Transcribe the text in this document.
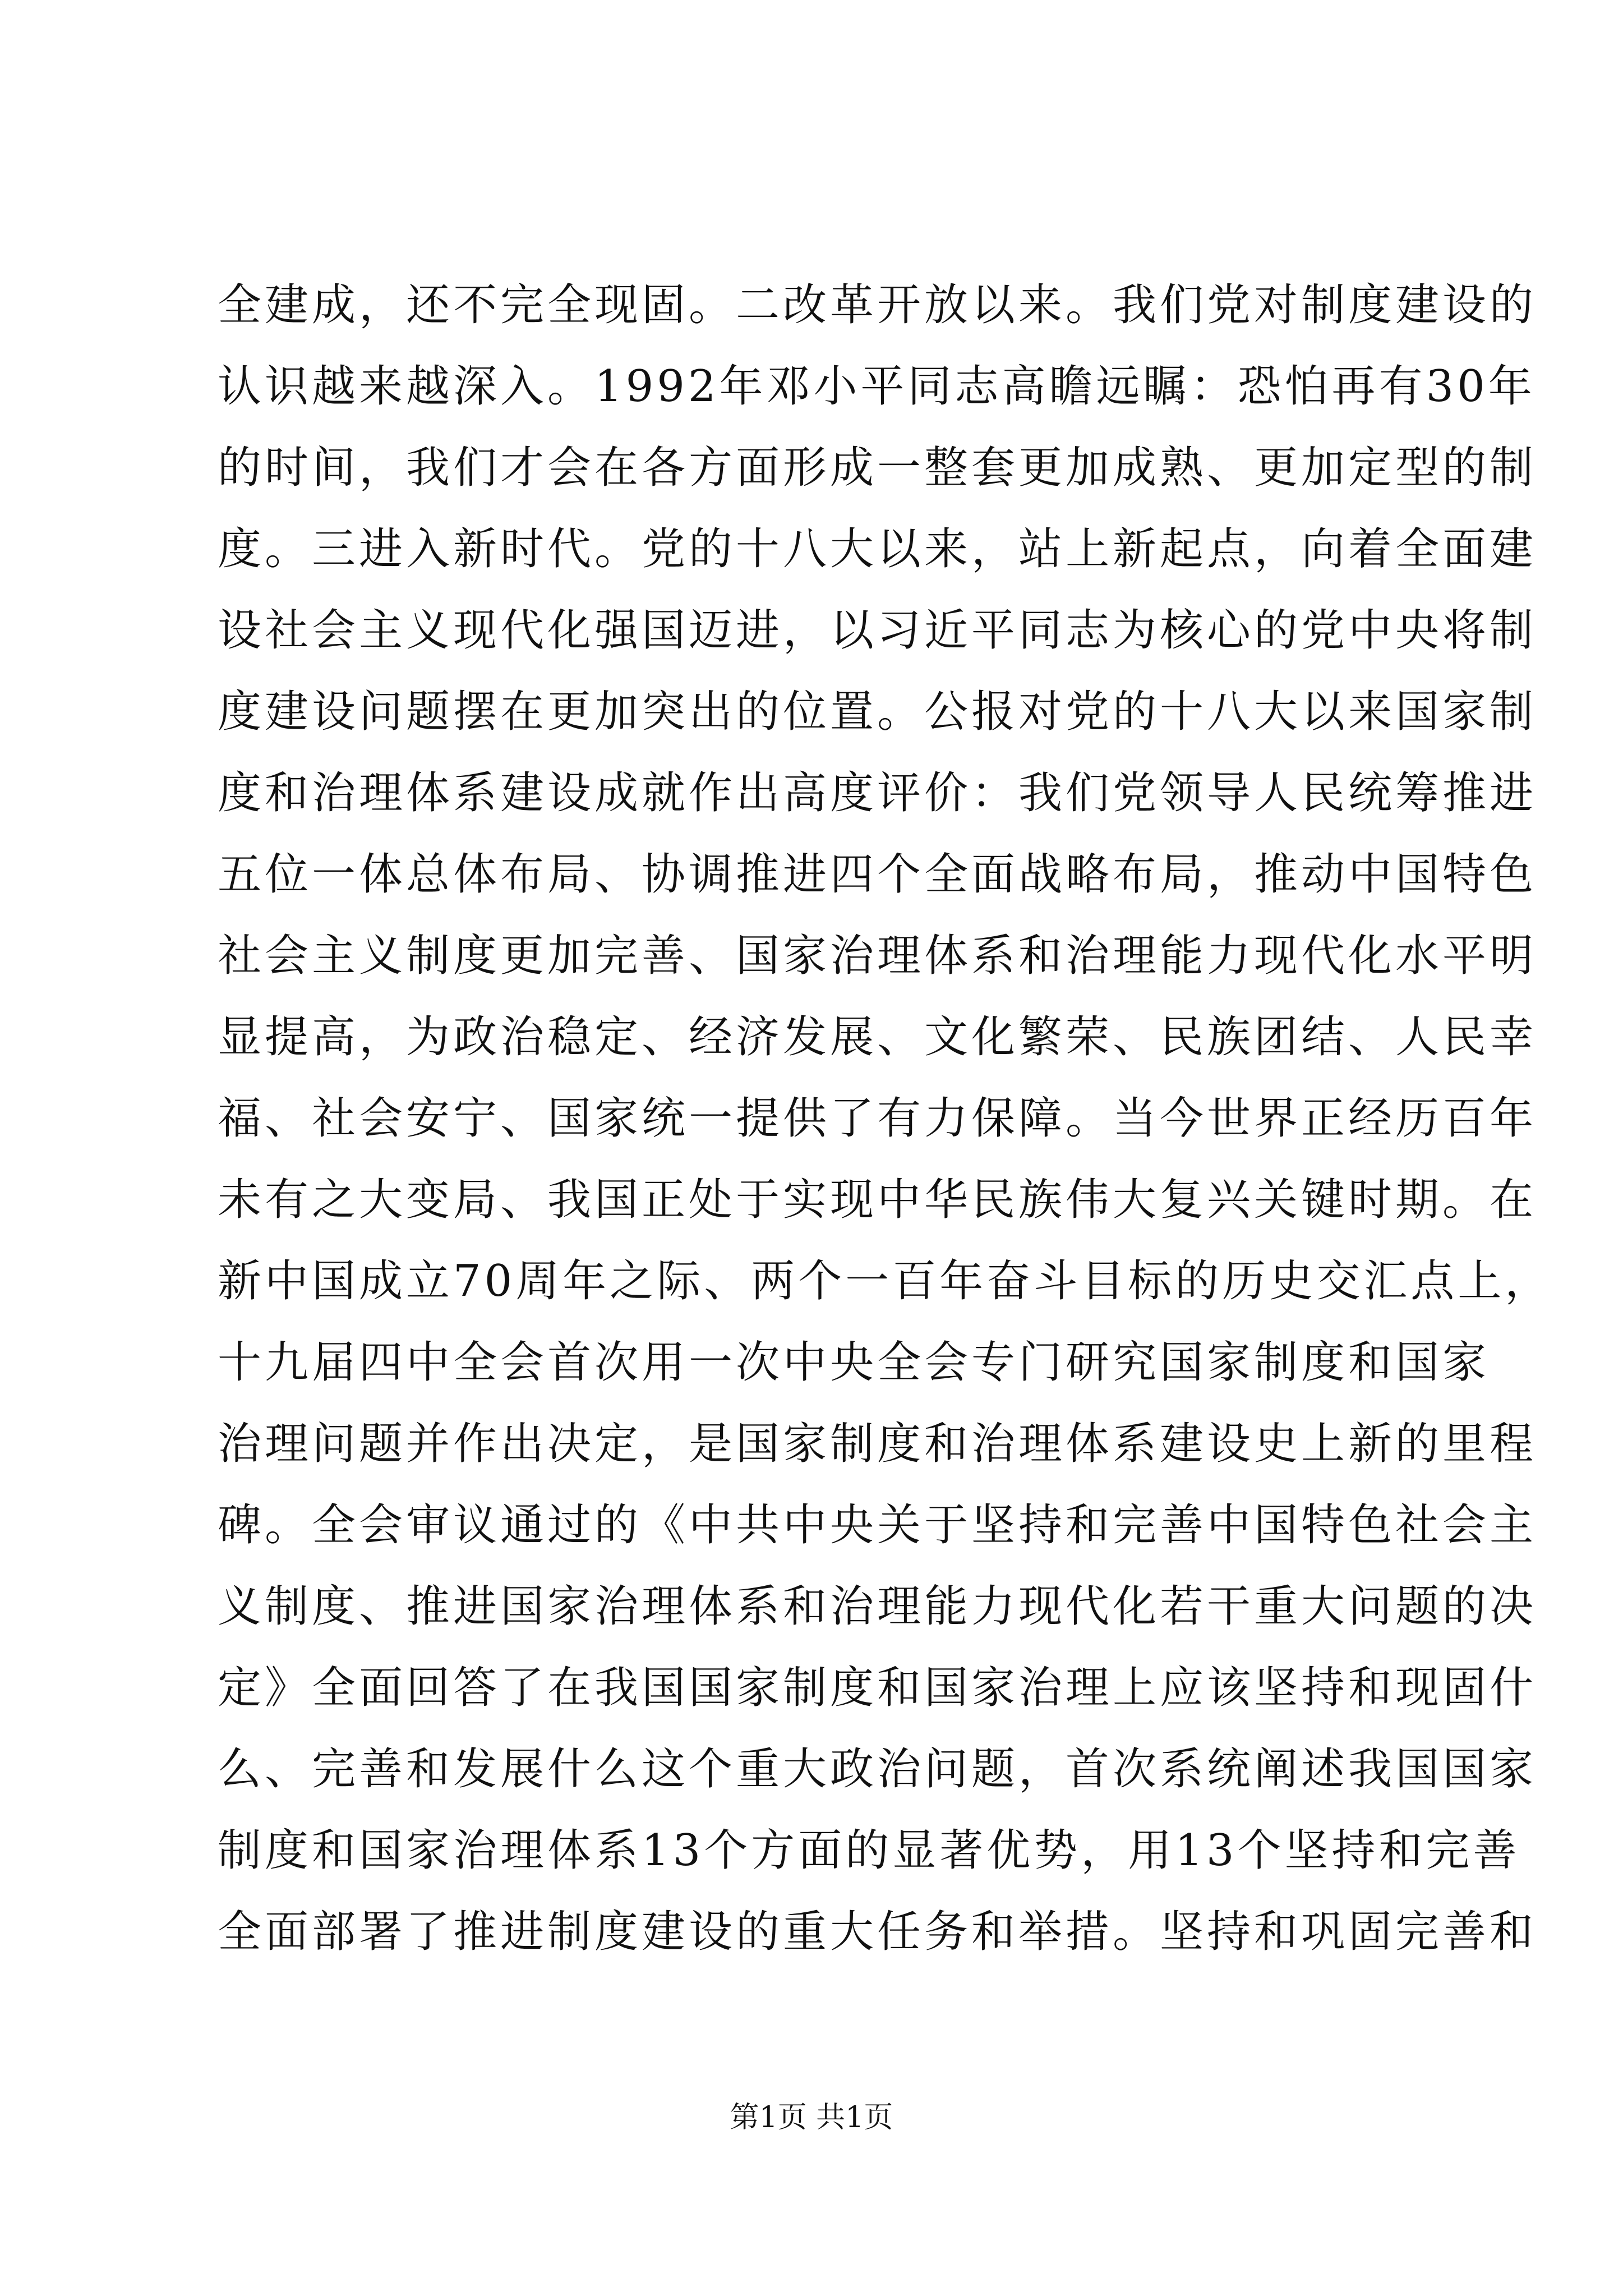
全建成，还不完全现固。二改革开放以来。我们党对制度建设的
认识越来越深入。1992年邓小平同志高瞻远瞩：恐怕再有30年
的时间，我们才会在各方面形成一整套更加成熟、更加定型的制
度。三进入新时代。党的十八大以来，站上新起点，向着全面建
设社会主义现代化强国迈进，以习近平同志为核心的党中央将制
度建设问题摆在更加突出的位置。公报对党的十八大以来国家制
度和治理体系建设成就作出高度评价：我们党领导人民统筹推进
五位一体总体布局、协调推进四个全面战略布局，推动中国特色
社会主义制度更加完善、国家治理体系和治理能力现代化水平明
显提高，为政治稳定、经济发展、文化繁荣、民族团结、人民幸
福、社会安宁、国家统一提供了有力保障。当今世界正经历百年
未有之大变局、我国正处于实现中华民族伟大复兴关键时期。在
新中国成立70周年之际、两个一百年奋斗目标的历史交汇点上，
十九届四中全会首次用一次中央全会专门研究国家制度和国家
治理问题并作出决定，是国家制度和治理体系建设史上新的里程
碑。全会审议通过的《中共中央关于坚持和完善中国特色社会主
义制度、推进国家治理体系和治理能力现代化若干重大问题的决
定》全面回答了在我国国家制度和国家治理上应该坚持和现固什
么、完善和发展什么这个重大政治问题，首次系统阐述我国国家
制度和国家治理体系13个方面的显著优势，用13个坚持和完善
全面部署了推进制度建设的重大任务和举措。坚持和巩固完善和
第1页 共1页
